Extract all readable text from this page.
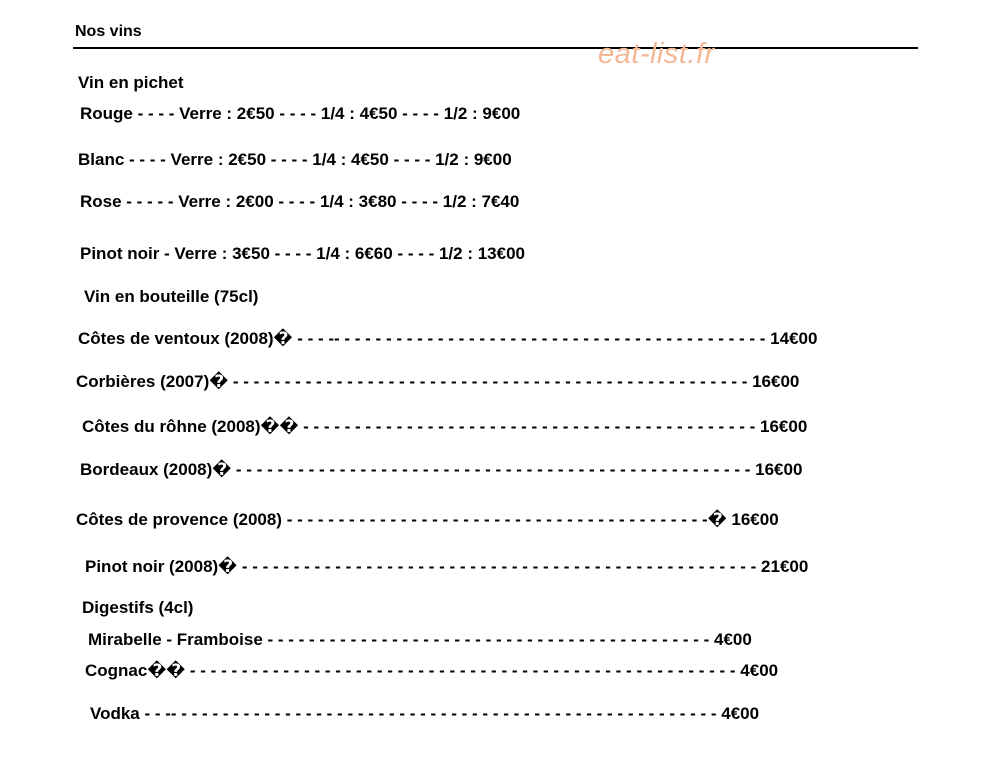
Nos vins
eat-list.fr
Vin en pichet
Rouge - - - - Verre : 2€50 - - - - 1/4 : 4€50 - - - - 1/2 : 9€00
Blanc - - - - Verre : 2€50 - - - - 1/4 : 4€50 - - - - 1/2 : 9€00
Rose - - - - - Verre : 2€00 - - - - 1/4 : 3€80 - - - - 1/2 : 7€40
Pinot noir - Verre : 3€50 - - - - 1/4 : 6€60 - - - - 1/2 : 13€00
Vin en bouteille (75cl)
Côtes de ventoux (2008)� - - - -- - - - - - - - - - - - - - - - - - - - - - - - - - - - - - - - - - - - - - - - - - 14€00
Corbières (2007)� - - - - - - - - - - - - - - - - - - - - - - - - - - - - - - - - - - - - - - - - - - - - - - - - - - 16€00
Côtes du rôhne (2008)�� - - - - - - - - - - - - - - - - - - - - - - - - - - - - - - - - - - - - - - - - - - - - 16€00
Bordeaux (2008)� - - - - - - - - - - - - - - - - - - - - - - - - - - - - - - - - - - - - - - - - - - - - - - - - - - 16€00
Côtes de provence (2008) - - - - - - - - - - - - - - - - - - - - - - - - - - - - - - - - - - - - - - - - -� 16€00
Pinot noir (2008)� - - - - - - - - - - - - - - - - - - - - - - - - - - - - - - - - - - - - - - - - - - - - - - - - - - 21€00
Digestifs (4cl)
Mirabelle - Framboise - - - - - - - - - - - - - - - - - - - - - - - - - - - - - - - - - - - - - - - - - - - 4€00
Cognac�� - - - - - - - - - - - - - - - - - - - - - - - - - - - - - - - - - - - - - - - - - - - - - - - - - - - - - 4€00
Vodka - - -- - - - - - - - - - - - - - - - - - - - - - - - - - - - - - - - - - - - - - - - - - - - - - - - - - - - - 4€00
